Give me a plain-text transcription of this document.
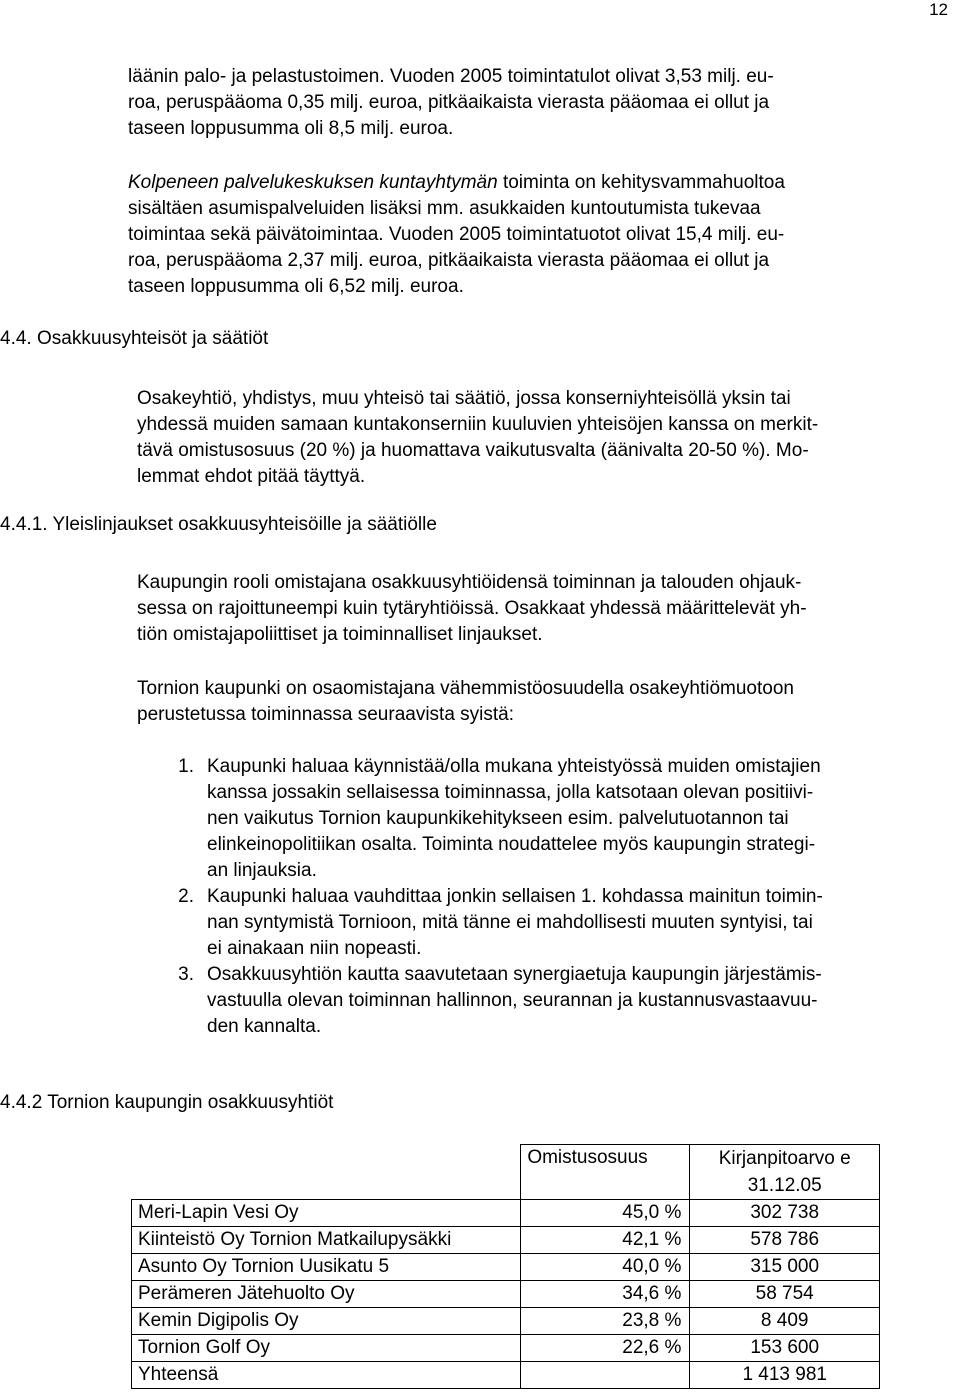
12
läänin palo- ja pelastustoimen. Vuoden 2005 toimintatulot olivat 3,53 milj. eu-
roa, peruspääoma 0,35 milj. euroa, pitkäaikaista vierasta pääomaa ei ollut ja
taseen loppusumma oli 8,5 milj. euroa.
Kolpeneen palvelukeskuksen kuntayhtymän toiminta on kehitysvammahuoltoa
sisältäen asumispalveluiden lisäksi mm. asukkaiden kuntoutumista tukevaa
toimintaa sekä päivätoimintaa. Vuoden 2005 toimintatuotot olivat 15,4 milj. eu-
roa, peruspääoma 2,37 milj. euroa, pitkäaikaista vierasta pääomaa ei ollut ja
taseen loppusumma oli 6,52 milj. euroa.
4.4. Osakkuusyhteisöt ja säätiöt
Osakeyhtiö, yhdistys, muu yhteisö tai säätiö, jossa konserniyhteisöllä yksin tai
yhdessä muiden samaan kuntakonserniin kuuluvien yhteisöjen kanssa on merkit-
tävä omistusosuus (20 %) ja huomattava vaikutusvalta (äänivalta 20-50 %). Mo-
lemmat ehdot pitää täyttyä.
4.4.1. Yleislinjaukset osakkuusyhteisöille ja säätiölle
Kaupungin rooli omistajana osakkuusyhtiöidensä toiminnan ja talouden ohjauk-
sessa on rajoittuneempi kuin tytäryhtiöissä. Osakkaat yhdessä määrittelevät yh-
tiön omistajapoliittiset ja toiminnalliset linjaukset.
Tornion kaupunki on osaomistajana vähemmistöosuudella osakeyhtiömuotoon
perustetussa toiminnassa seuraavista syistä:
1. Kaupunki haluaa käynnistää/olla mukana yhteistyössä muiden omistajien
kanssa jossakin sellaisessa toiminnassa, jolla katsotaan olevan positiivi-
nen vaikutus Tornion kaupunkikehitykseen esim. palvelutuotannon tai
elinkeinopolitiikan osalta. Toiminta noudattelee myös kaupungin strategi-
an linjauksia.
2. Kaupunki haluaa vauhdittaa jonkin sellaisen 1. kohdassa mainitun toimin-
nan syntymistä Tornioon, mitä tänne ei mahdollisesti muuten syntyisi, tai
ei ainakaan niin nopeasti.
3. Osakkuusyhtiön kautta saavutetaan synergiaetuja kaupungin järjestämis-
vastuulla olevan toiminnan hallinnon, seurannan ja kustannusvastaavuu-
den kannalta.
4.4.2 Tornion kaupungin osakkuusyhtiöt
	Omistusosuus	Kirjanpitoarvo e
31.12.05
Meri-Lapin Vesi Oy	45,0 %	302 738
Kiinteistö Oy Tornion Matkailupysäkki	42,1 %	578 786
Asunto Oy Tornion Uusikatu 5	40,0 %	315 000
Perämeren Jätehuolto Oy	34,6 %	58 754
Kemin Digipolis Oy	23,8 %	8 409
Tornion Golf Oy	22,6 %	153 600
Yhteensä		1 413 981
